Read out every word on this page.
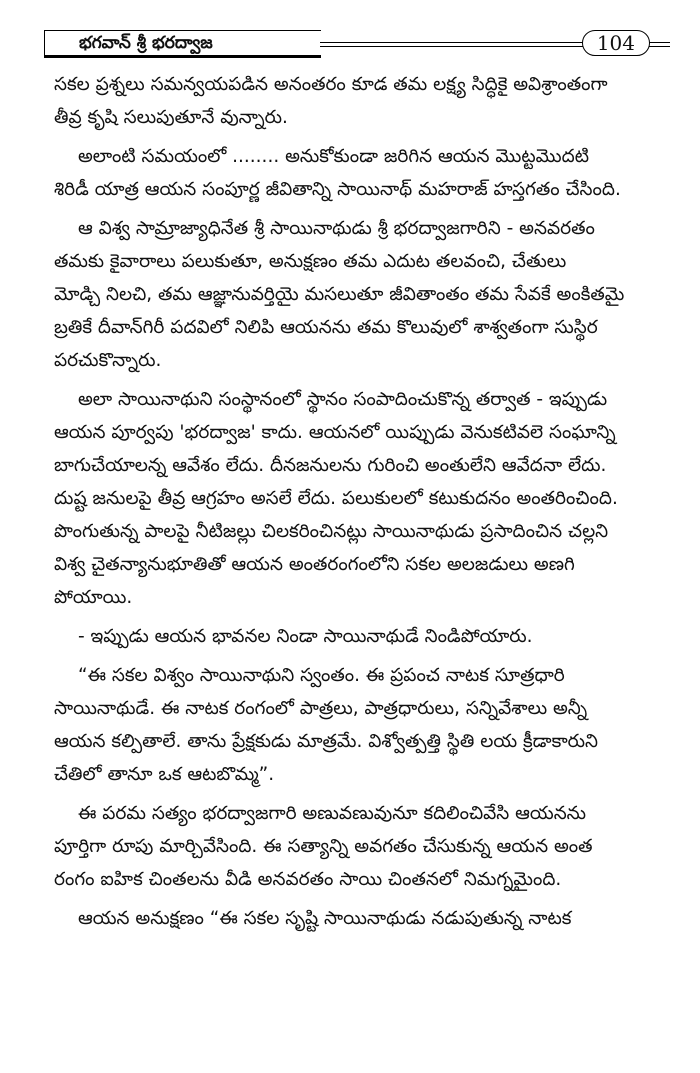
భగవాన్ శ్రీ భరద్వాజ	104

సకల ప్రశ్నలు సమన్వయపడిన అనంతరం కూడ తమ లక్ష్య సిద్ధికై అవిశ్రాంతంగా
తీవ్ర కృషి సలుపుతూనే వున్నారు.

అలాంటి సమయంలో ........ అనుకోకుండా జరిగిన ఆయన మొట్టమొదటి
శిరిడీ యాత్ర ఆయన సంపూర్ణ జీవితాన్ని సాయినాథ్ మహరాజ్ హస్తగతం చేసింది.

ఆ విశ్వ సామ్రాజ్యాధినేత శ్రీ సాయినాథుడు శ్రీ భరద్వాజగారిని - అనవరతం
తమకు కైవారాలు పలుకుతూ, అనుక్షణం తమ ఎదుట తలవంచి, చేతులు
మోడ్చి నిలచి, తమ ఆజ్ఞానువర్తియై మసలుతూ జీవితాంతం తమ సేవకే అంకితమై
బ్రతికే దీవాన్‌గిరీ పదవిలో నిలిపి ఆయనను తమ కొలువులో శాశ్వతంగా సుస్థిర
పరచుకొన్నారు.

అలా సాయినాథుని సంస్థానంలో స్థానం సంపాదించుకొన్న తర్వాత - ఇప్పుడు
ఆయన పూర్వపు 'భరద్వాజ' కాదు. ఆయనలో యిప్పుడు వెనుకటివలె సంఘాన్ని
బాగుచేయాలన్న ఆవేశం లేదు. దీనజనులను గురించి అంతులేని ఆవేదనా లేదు.
దుష్ట జనులపై తీవ్ర ఆగ్రహం అసలే లేదు. పలుకులలో కటుకుదనం అంతరించింది.
పొంగుతున్న పాలపై నీటిజల్లు చిలకరించినట్లు సాయినాథుడు ప్రసాదించిన చల్లని
విశ్వ చైతన్యానుభూతితో ఆయన అంతరంగంలోని సకల అలజడులు అణగి
పోయాయి.

- ఇప్పుడు ఆయన భావనల నిండా సాయినాథుడే నిండిపోయారు.

“ఈ సకల విశ్వం సాయినాథుని స్వంతం. ఈ ప్రపంచ నాటక సూత్రధారి
సాయినాథుడే. ఈ నాటక రంగంలో పాత్రలు, పాత్రధారులు, సన్నివేశాలు అన్నీ
ఆయన కల్పితాలే. తాను ప్రేక్షకుడు మాత్రమే. విశ్వోత్పత్తి స్థితి లయ క్రీడాకారుని
చేతిలో తానూ ఒక ఆటబొమ్మ”.

ఈ పరమ సత్యం భరద్వాజగారి అణువణువునూ కదిలించివేసి ఆయనను
పూర్తిగా రూపు మార్చివేసింది. ఈ సత్యాన్ని అవగతం చేసుకున్న ఆయన అంత
రంగం ఐహిక చింతలను వీడి అనవరతం సాయి చింతనలో నిమగ్నమైంది.

ఆయన అనుక్షణం “ఈ సకల సృష్టి సాయినాథుడు నడుపుతున్న నాటక
